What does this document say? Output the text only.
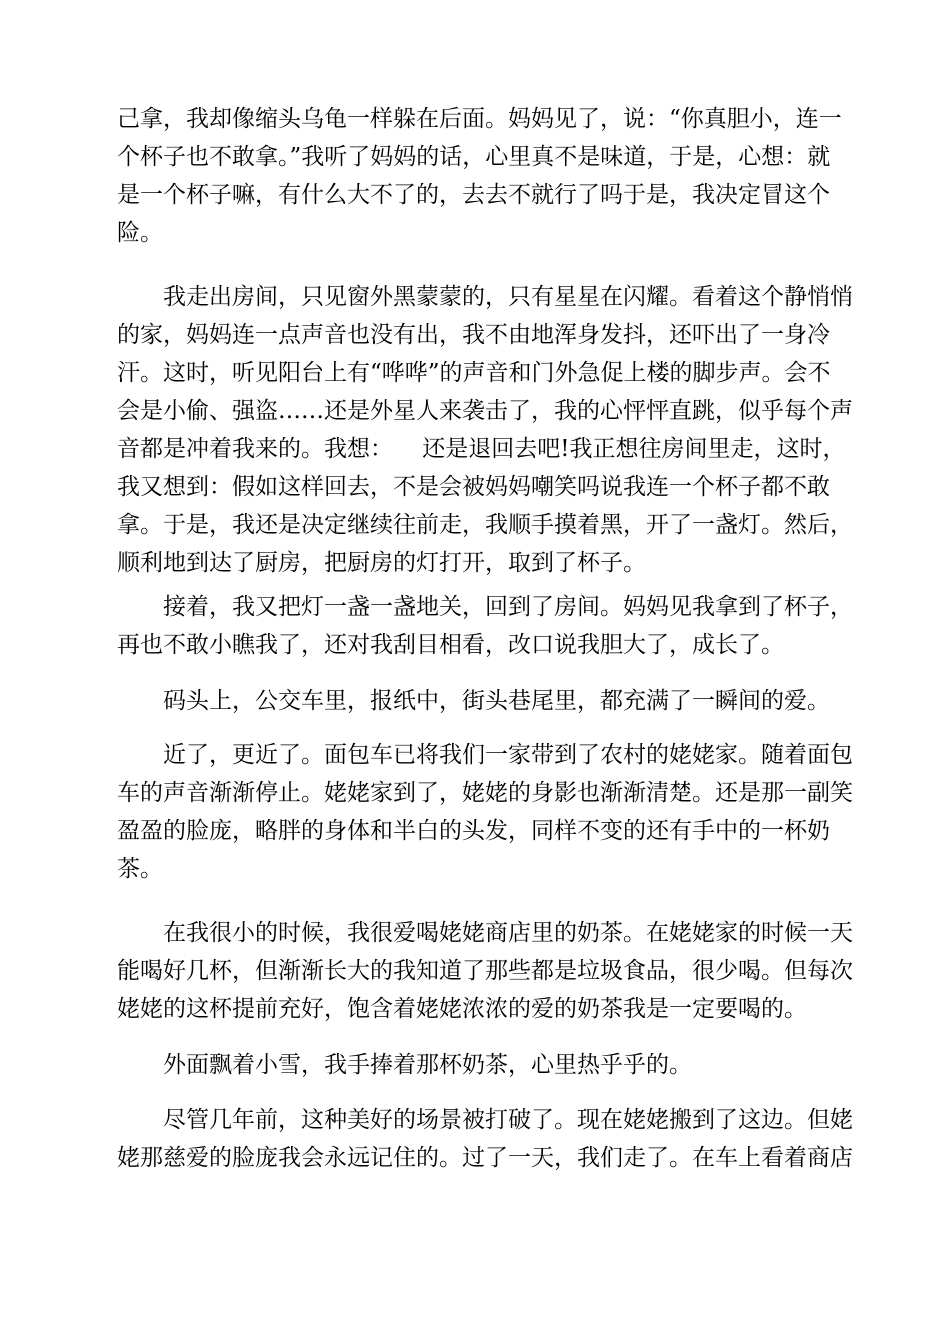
己拿，我却像缩头乌龟一样躲在后面。妈妈见了，说：“你真胆小，连一
个杯子也不敢拿。”我听了妈妈的话，心里真不是味道，于是，心想：就
是一个杯子嘛，有什么大不了的，去去不就行了吗于是，我决定冒这个
险。
我走出房间，只见窗外黑蒙蒙的，只有星星在闪耀。看着这个静悄悄
的家，妈妈连一点声音也没有出，我不由地浑身发抖，还吓出了一身冷
汗。这时，听见阳台上有“哗哗”的声音和门外急促上楼的脚步声。会不
会是小偷、强盗……还是外星人来袭击了，我的心怦怦直跳，似乎每个声
音都是冲着我来的。我想：    还是退回去吧!我正想往房间里走，这时，
我又想到：假如这样回去，不是会被妈妈嘲笑吗说我连一个杯子都不敢
拿。于是，我还是决定继续往前走，我顺手摸着黑，开了一盏灯。然后，
顺利地到达了厨房，把厨房的灯打开，取到了杯子。
接着，我又把灯一盏一盏地关，回到了房间。妈妈见我拿到了杯子，
再也不敢小瞧我了，还对我刮目相看，改口说我胆大了，成长了。
码头上，公交车里，报纸中，街头巷尾里，都充满了一瞬间的爱。
近了，更近了。面包车已将我们一家带到了农村的姥姥家。随着面包
车的声音渐渐停止。姥姥家到了，姥姥的身影也渐渐清楚。还是那一副笑
盈盈的脸庞，略胖的身体和半白的头发，同样不变的还有手中的一杯奶
茶。
在我很小的时候，我很爱喝姥姥商店里的奶茶。在姥姥家的时候一天
能喝好几杯，但渐渐长大的我知道了那些都是垃圾食品，很少喝。但每次
姥姥的这杯提前充好，饱含着姥姥浓浓的爱的奶茶我是一定要喝的。
外面飘着小雪，我手捧着那杯奶茶，心里热乎乎的。
尽管几年前，这种美好的场景被打破了。现在姥姥搬到了这边。但姥
姥那慈爱的脸庞我会永远记住的。过了一天，我们走了。在车上看着商店
